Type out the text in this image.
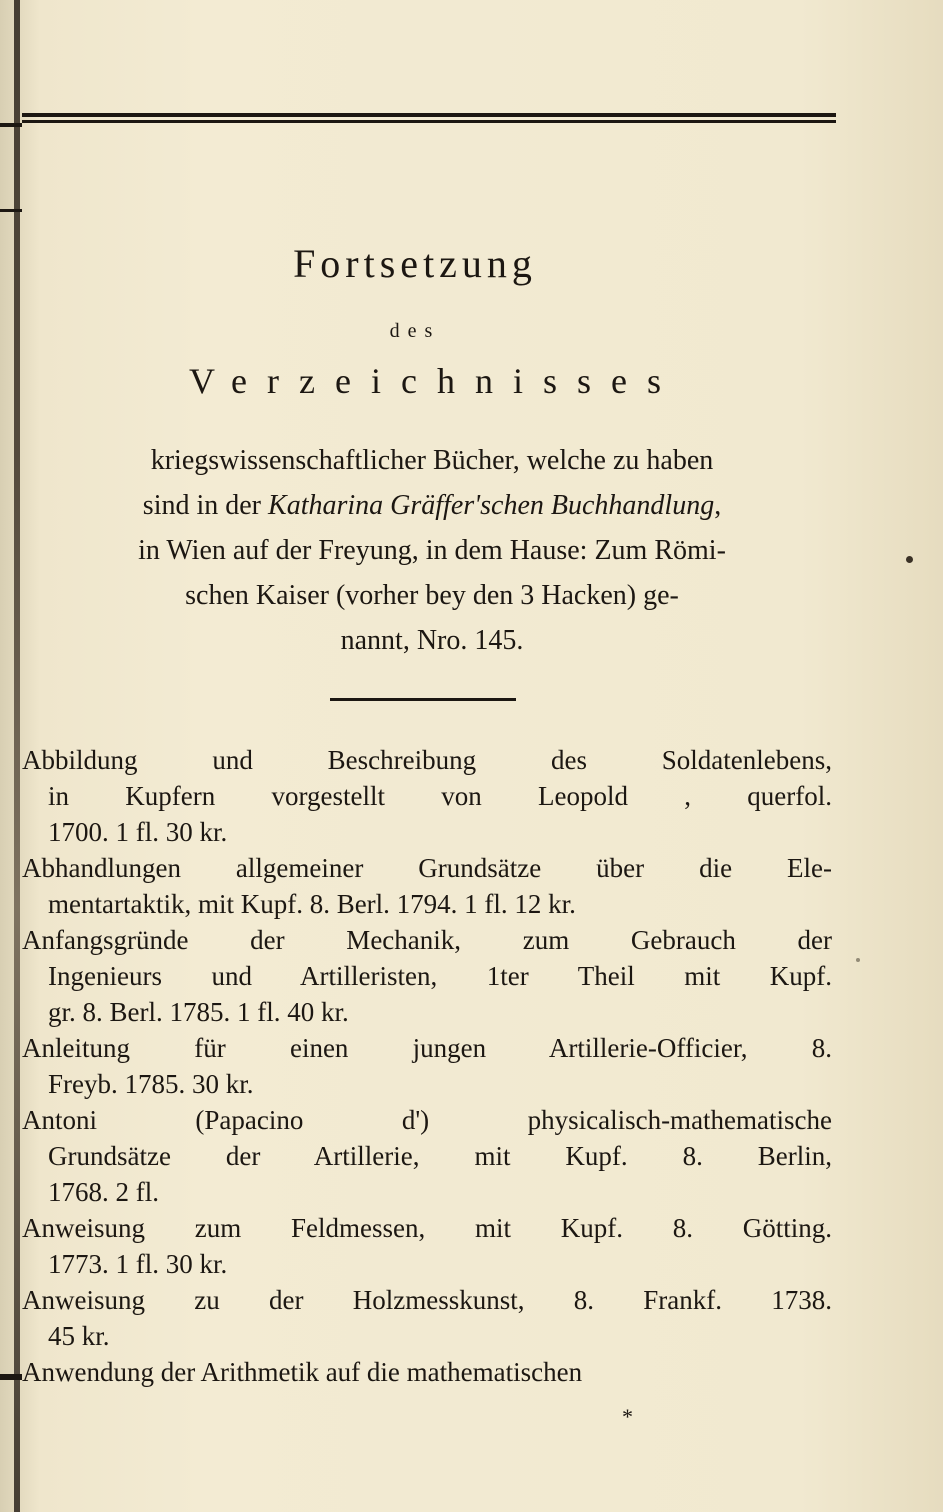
Fortsetzung
des
Verzeichnisses
kriegswissenschaftlicher Bücher, welche zu haben
sind in der Katharina Gräffer'schen Buchhandlung,
in Wien auf der Freyung, in dem Hause: Zum Römi-
schen Kaiser (vorher bey den 3 Hacken) ge-
nannt, Nro. 145.
Abbildung und Beschreibung des Soldatenlebens,
in Kupfern vorgestellt von Leopold , querfol.
1700. 1 fl. 30 kr.
Abhandlungen allgemeiner Grundsätze über die Ele-
mentartaktik, mit Kupf. 8. Berl. 1794. 1 fl. 12 kr.
Anfangsgründe der Mechanik, zum Gebrauch der
Ingenieurs und Artilleristen, 1ter Theil mit Kupf.
gr. 8. Berl. 1785. 1 fl. 40 kr.
Anleitung für einen jungen Artillerie-Officier, 8.
Freyb. 1785. 30 kr.
Antoni (Papacino d') physicalisch-mathematische
Grundsätze der Artillerie, mit Kupf. 8. Berlin,
1768. 2 fl.
Anweisung zum Feldmessen, mit Kupf. 8. Götting.
1773. 1 fl. 30 kr.
Anweisung zu der Holzmesskunst, 8. Frankf. 1738.
45 kr.
Anwendung der Arithmetik auf die mathematischen
*
